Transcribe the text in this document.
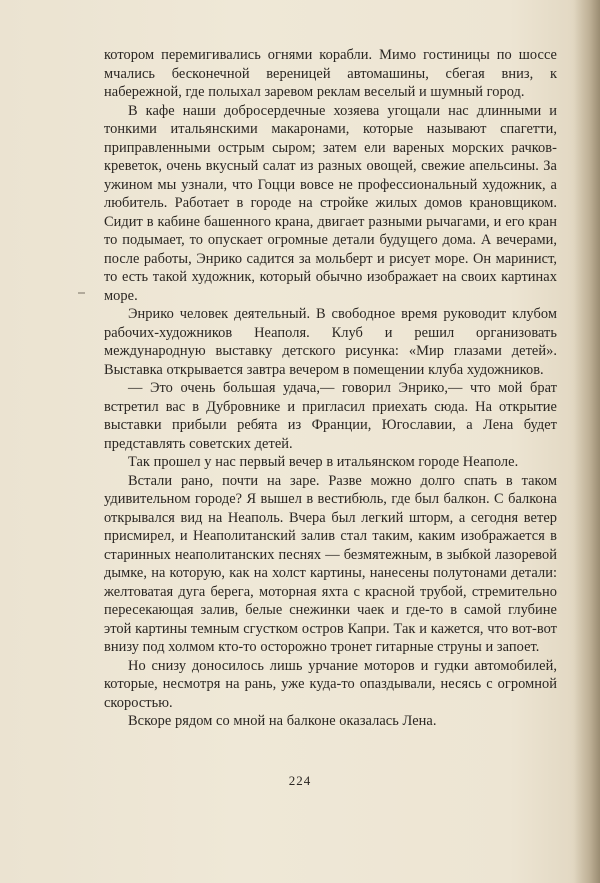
котором перемигивались огнями корабли. Мимо гостиницы по шоссе мчались бесконечной вереницей автомашины, сбегая вниз, к набережной, где полыхал заревом реклам веселый и шумный город.

В кафе наши добросердечные хозяева угощали нас длинными и тонкими итальянскими макаронами, которые называют спагетти, приправленными острым сыром; затем ели вареных морских рачков-креветок, очень вкусный салат из разных овощей, свежие апельсины. За ужином мы узнали, что Гоцци вовсе не профессиональный художник, а любитель. Работает в городе на стройке жилых домов крановщиком. Сидит в кабине башенного крана, двигает разными рычагами, и его кран то подымает, то опускает огромные детали будущего дома. А вечерами, после работы, Энрико садится за мольберт и рисует море. Он маринист, то есть такой художник, который обычно изображает на своих картинах море.

Энрико человек деятельный. В свободное время руководит клубом рабочих-художников Неаполя. Клуб и решил организовать международную выставку детского рисунка: «Мир глазами детей». Выставка открывается завтра вечером в помещении клуба художников.

— Это очень большая удача,— говорил Энрико,— что мой брат встретил вас в Дубровнике и пригласил приехать сюда. На открытие выставки прибыли ребята из Франции, Югославии, а Лена будет представлять советских детей.

Так прошел у нас первый вечер в итальянском городе Неаполе.

Встали рано, почти на заре. Разве можно долго спать в таком удивительном городе? Я вышел в вестибюль, где был балкон. С балкона открывался вид на Неаполь. Вчера был легкий шторм, а сегодня ветер присмирел, и Неаполитанский залив стал таким, каким изображается в старинных неаполитанских песнях — безмятежным, в зыбкой лазоревой дымке, на которую, как на холст картины, нанесены полутонами детали: желтоватая дуга берега, моторная яхта с красной трубой, стремительно пересекающая залив, белые снежинки чаек и где-то в самой глубине этой картины темным сгустком остров Капри. Так и кажется, что вот-вот внизу под холмом кто-то осторожно тронет гитарные струны и запоет.

Но снизу доносилось лишь урчание моторов и гудки автомобилей, которые, несмотря на рань, уже куда-то опаздывали, несясь с огромной скоростью.

Вскоре рядом со мной на балконе оказалась Лена.

224
